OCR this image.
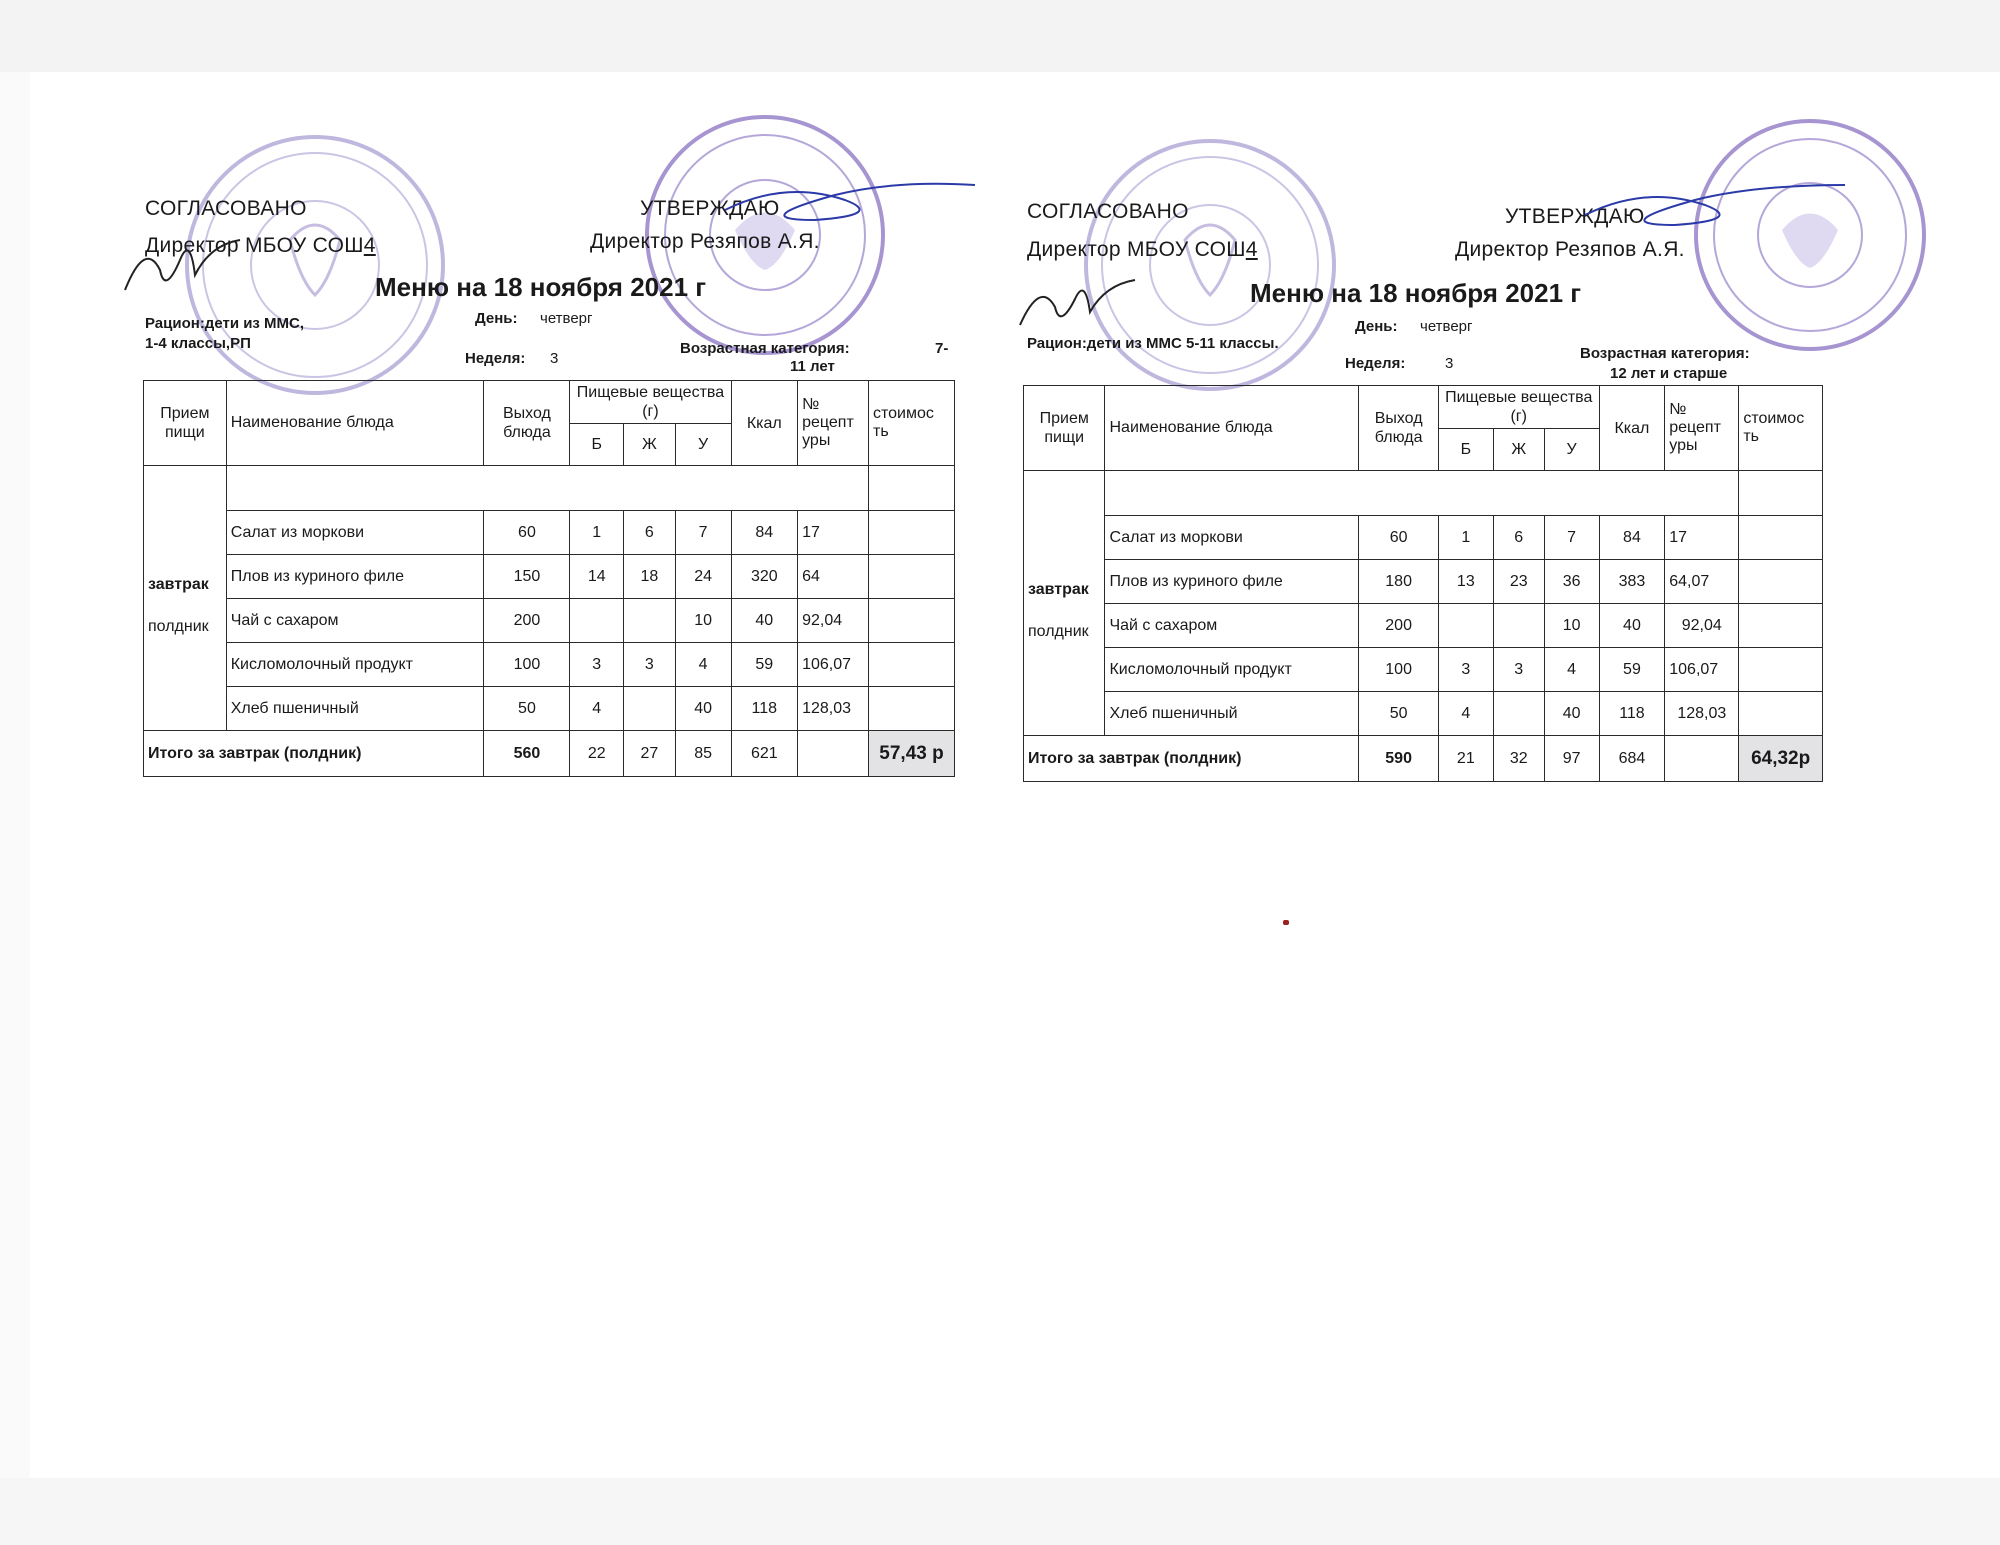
СОГЛАСОВАНО
Директор МБОУ СОШ4
УТВЕРЖДАЮ
Директор Резяпов А.Я.
Меню на 18 ноября 2021 г
Рацион:дети из ММС,
1-4 классы,РП
День: четверг
Неделя: 3
Возрастная категория:	7-
11 лет
Прием пищи	Наименование блюда	Выход блюда	Пищевые вещества (г)			Ккал	№ рецепт уры	стоимос ть
			Б	Ж	У			

завтрак
полдник								

	Салат из моркови	60	1	6	7	84	17	
	Плов из куриного филе	150	14	18	24	320	64	
	Чай с сахаром	200			10	40	92,04	
	Кисломолочный продукт	100	3	3	4	59	106,07	
	Хлеб пшеничный	50	4		40	118	128,03	
Итого за завтрак (полдник)		560	22	27	85	621		57,43 р
СОГЛАСОВАНО
Директор МБОУ СОШ4
УТВЕРЖДАЮ
Директор Резяпов А.Я.
Меню на 18 ноября 2021 г
Рацион:дети из ММС 5-11 классы.
День: четверг
Неделя:	3
Возрастная категория:
12 лет и старше
Прием пищи	Наименование блюда	Выход блюда	Пищевые вещества (г)			Ккал	№ рецепт уры	стоимос ть
			Б	Ж	У			

завтрак
полдник								

	Салат из моркови	60	1	6	7	84	17	
	Плов из куриного филе	180	13	23	36	383	64,07	
	Чай с сахаром	200			10	40	92,04	
	Кисломолочный продукт	100	3	3	4	59	106,07	
	Хлеб пшеничный	50	4		40	118	128,03	
Итого за завтрак (полдник)		590	21	32	97	684		64,32р
